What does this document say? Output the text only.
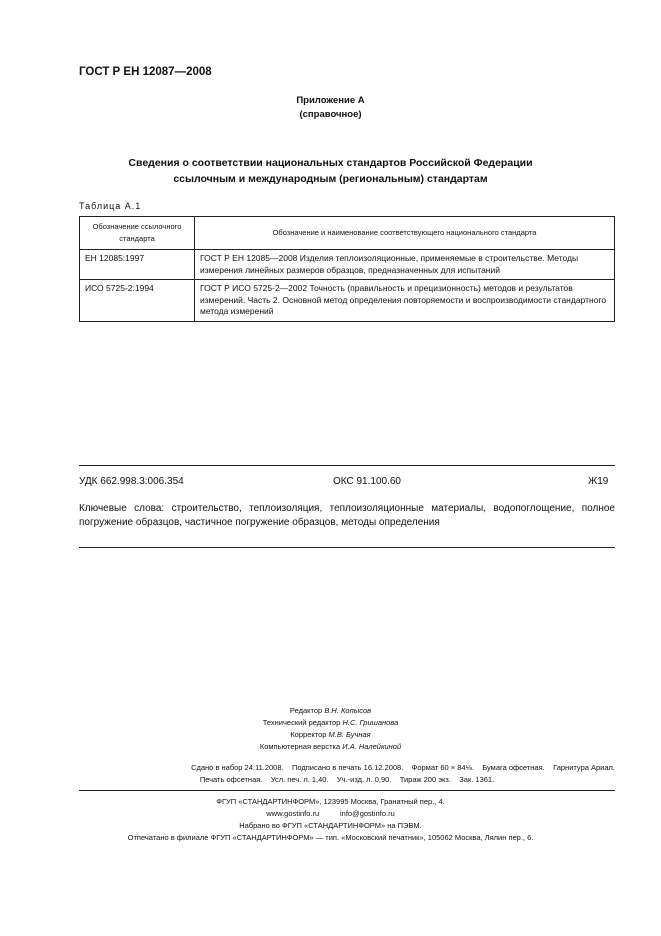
ГОСТ Р ЕН 12087—2008
Приложение А
(справочное)
Сведения о соответствии национальных стандартов Российской Федерации
ссылочным и международным (региональным) стандартам
Таблица А.1
Обозначение ссылочного стандарта	Обозначение и наименование соответствующего национального стандарта
ЕН 12085:1997	ГОСТ Р ЕН 12085—2008 Изделия теплоизоляционные, применяемые в строительстве. Методы измерения линейных размеров образцов, предназначенных для испытаний
ИСО 5725-2:1994	ГОСТ Р ИСО 5725-2—2002 Точность (правильность и прецизионность) методов и результатов измерений. Часть 2. Основной метод определения повторяемости и воспроизводимости стандартного метода измерений
УДК 662.998.3:006.354	ОКС 91.100.60	Ж19
Ключевые слова: строительство, теплоизоляция, теплоизоляционные материалы, водопоглощение, полное погружение образцов, частичное погружение образцов, методы определения
Редактор В.Н. Копысов
Технический редактор Н.С. Гришанова
Корректор М.В. Бучная
Компьютерная верстка И.А. Налейкиной
Сдано в набор 24.11.2008.    Подписано в печать 16.12.2008.    Формат 60 × 84⅛.    Бумага офсетная.    Гарнитура Ариал.
Печать офсетная.    Усл. печ. л. 1,40.    Уч.-изд. л. 0,90.    Тираж 200 экз.    Зак. 1361.
ФГУП «СТАНДАРТИНФОРМ», 123995 Москва, Гранатный пер., 4.
www.gostinfo.ru          info@gostinfo.ru
Набрано во ФГУП «СТАНДАРТИНФОРМ» на ПЭВМ.
Отпечатано в филиале ФГУП «СТАНДАРТИНФОРМ» — тип. «Московский печатник», 105062 Москва, Лялин пер., 6.
